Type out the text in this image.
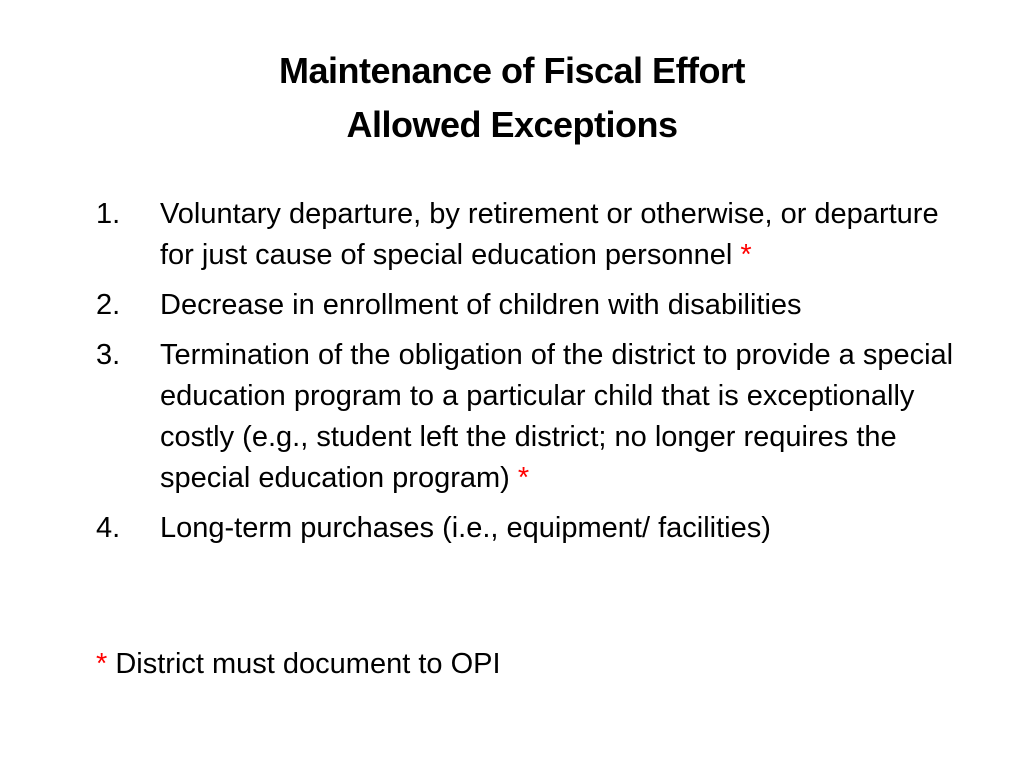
Maintenance of Fiscal Effort
Allowed Exceptions
1.	Voluntary departure, by retirement or otherwise, or departure for just cause of special education personnel *
2.	Decrease in enrollment of children with disabilities
3.	Termination of the obligation of the district to provide a special education program to a particular child that is exceptionally costly (e.g., student left the district; no longer requires the special education program) *
4.	Long-term purchases (i.e., equipment/ facilities)
* District must document to OPI
